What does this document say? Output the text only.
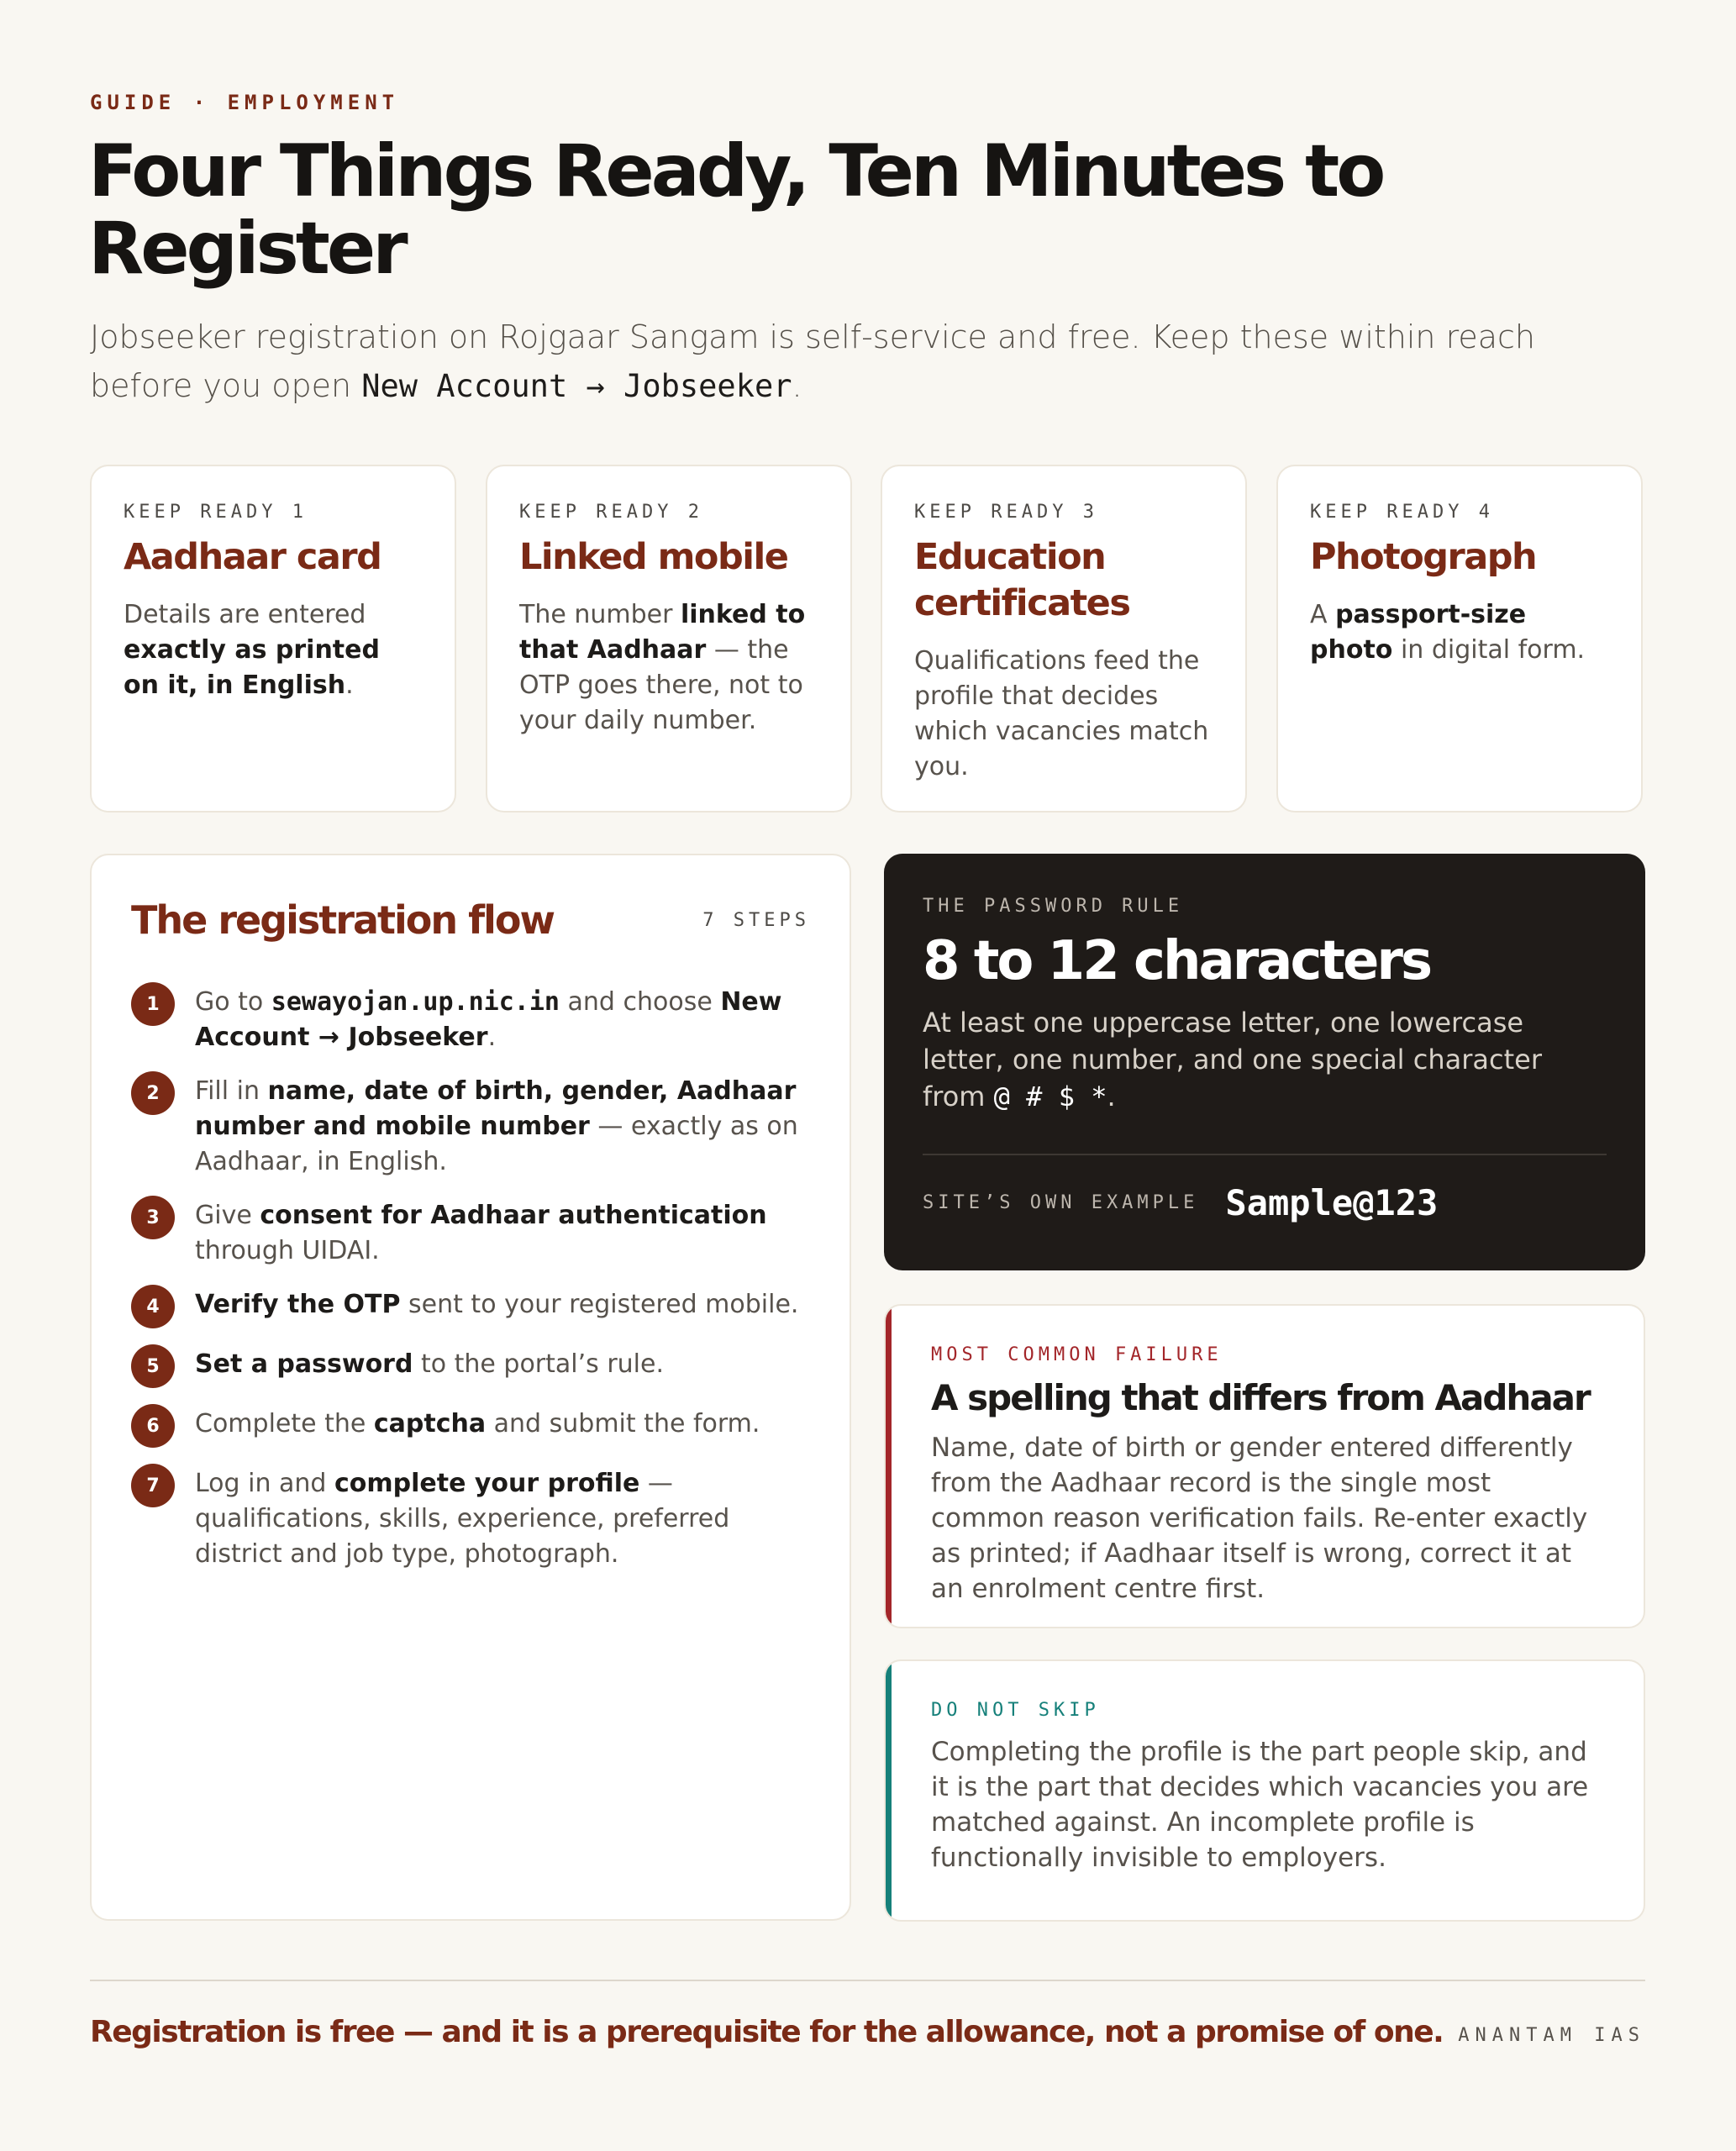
GUIDE · EMPLOYMENT
Four Things Ready, Ten Minutes to Register

Jobseeker registration on Rojgaar Sangam is self-service and free. Keep these within reach before you open New Account → Jobseeker.

KEEP READY 1
Aadhaar card
Details are entered exactly as printed on it, in English.
KEEP READY 2
Linked mobile
The number linked to that Aadhaar — the OTP goes there, not to your daily number.
KEEP READY 3
Education certificates
Qualifications feed the profile that decides which vacancies match you.
KEEP READY 4
Photograph
A passport-size photo in digital form.
The registration flow	7 STEPS
1	Go to sewayojan.up.nic.in and choose New Account → Jobseeker.
2	Fill in name, date of birth, gender, Aadhaar number and mobile number — exactly as on Aadhaar, in English.
3	Give consent for Aadhaar authentication through UIDAI.
4	Verify the OTP sent to your registered mobile.
5	Set a password to the portal’s rule.
6	Complete the captcha and submit the form.
7	Log in and complete your profile — qualifications, skills, experience, preferred district and job type, photograph.
THE PASSWORD RULE
8 to 12 characters
At least one uppercase letter, one lowercase letter, one number, and one special character from @ # $ *.
SITE’S OWN EXAMPLE Sample@123
MOST COMMON FAILURE
A spelling that differs from Aadhaar
Name, date of birth or gender entered differently from the Aadhaar record is the single most common reason verification fails. Re-enter exactly as printed; if Aadhaar itself is wrong, correct it at an enrolment centre first.
DO NOT SKIP
Completing the profile is the part people skip, and it is the part that decides which vacancies you are matched against. An incomplete profile is functionally invisible to employers.
Registration is free — and it is a prerequisite for the allowance, not a promise of one. ANANTAM IAS
